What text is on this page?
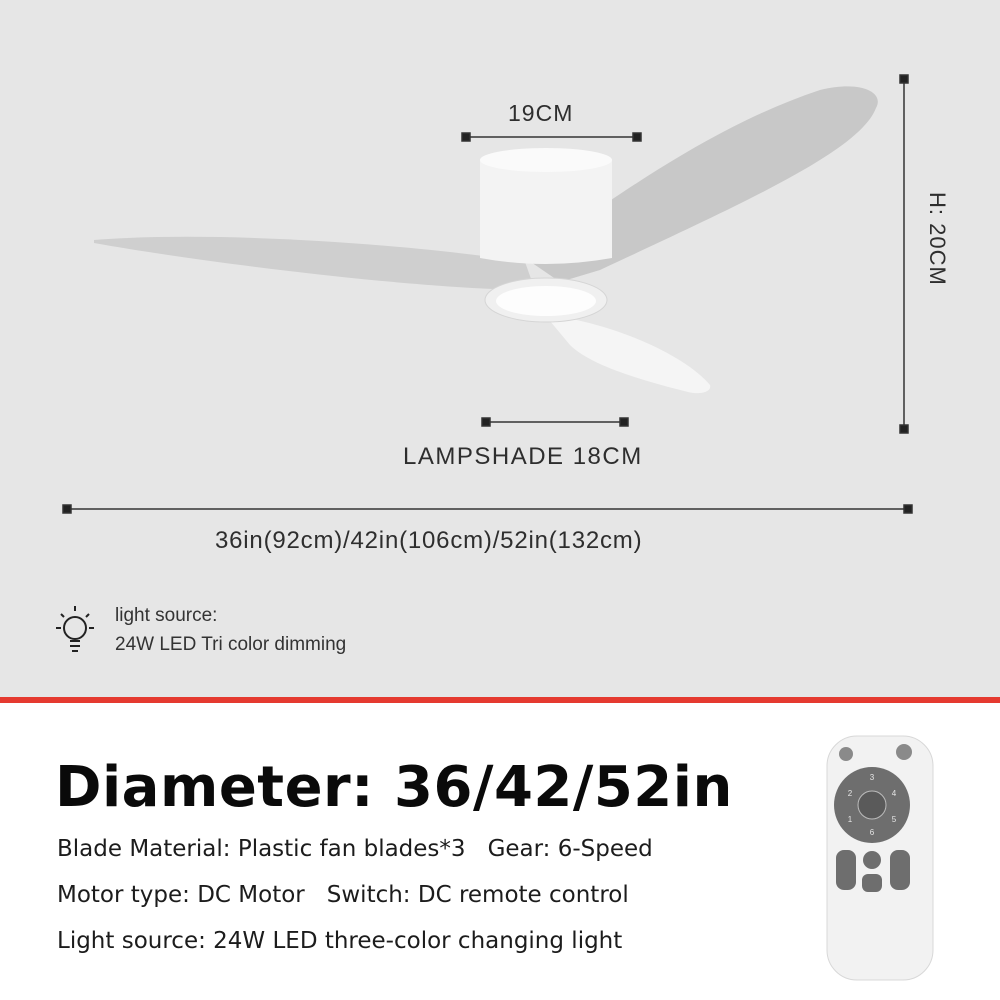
3
4
5
6
1
2
19CM
H: 20CM
LAMPSHADE 18CM
36in(92cm)/42in(106cm)/52in(132cm)
light source:
24W LED Tri color dimming
Diameter: 36/42/52in
Blade Material: Plastic fan blades*3 Gear: 6-Speed
Motor type: DC Motor Switch: DC remote control
Light source: 24W LED three-color changing light
